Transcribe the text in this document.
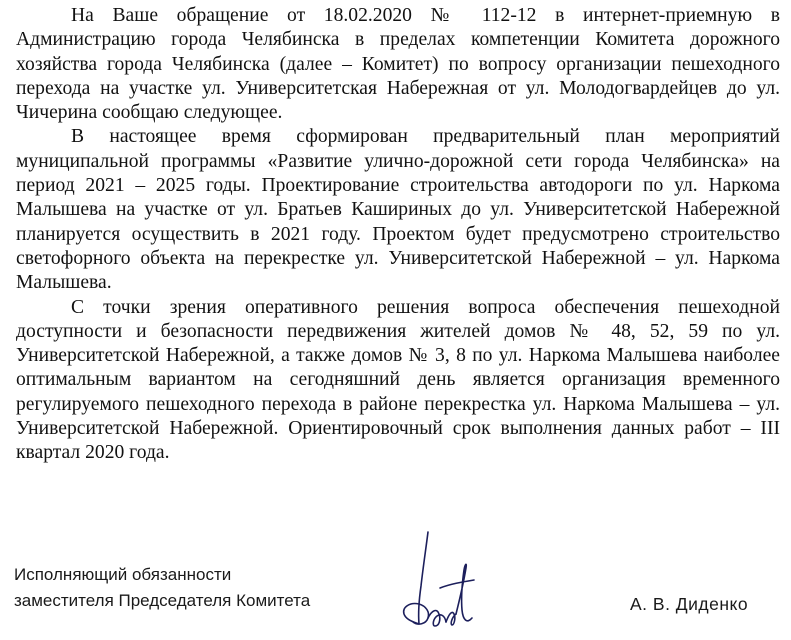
На Ваше обращение от 18.02.2020 № 112-12 в интернет-приемную в Администрацию города Челябинска в пределах компетенции Комитета дорожного хозяйства города Челябинска (далее – Комитет) по вопросу организации пешеходного перехода на участке ул. Университетская Набережная от ул. Молодогвардейцев до ул. Чичерина сообщаю следующее.

В настоящее время сформирован предварительный план мероприятий муниципальной программы «Развитие улично-дорожной сети города Челябинска» на период 2021 – 2025 годы. Проектирование строительства автодороги по ул. Наркома Малышева на участке от ул. Братьев Кашириных до ул. Университетской Набережной планируется осуществить в 2021 году. Проектом будет предусмотрено строительство светофорного объекта на перекрестке ул. Университетской Набережной – ул. Наркома Малышева.

С точки зрения оперативного решения вопроса обеспечения пешеходной доступности и безопасности передвижения жителей домов № 48, 52, 59 по ул. Университетской Набережной, а также домов № 3, 8 по ул. Наркома Малышева наиболее оптимальным вариантом на сегодняшний день является организация временного регулируемого пешеходного перехода в районе перекрестка ул. Наркома Малышева – ул. Университетской Набережной. Ориентировочный срок выполнения данных работ – III квартал 2020 года.

Исполняющий обязанности
заместителя Председателя Комитета	А. В. Диденко
